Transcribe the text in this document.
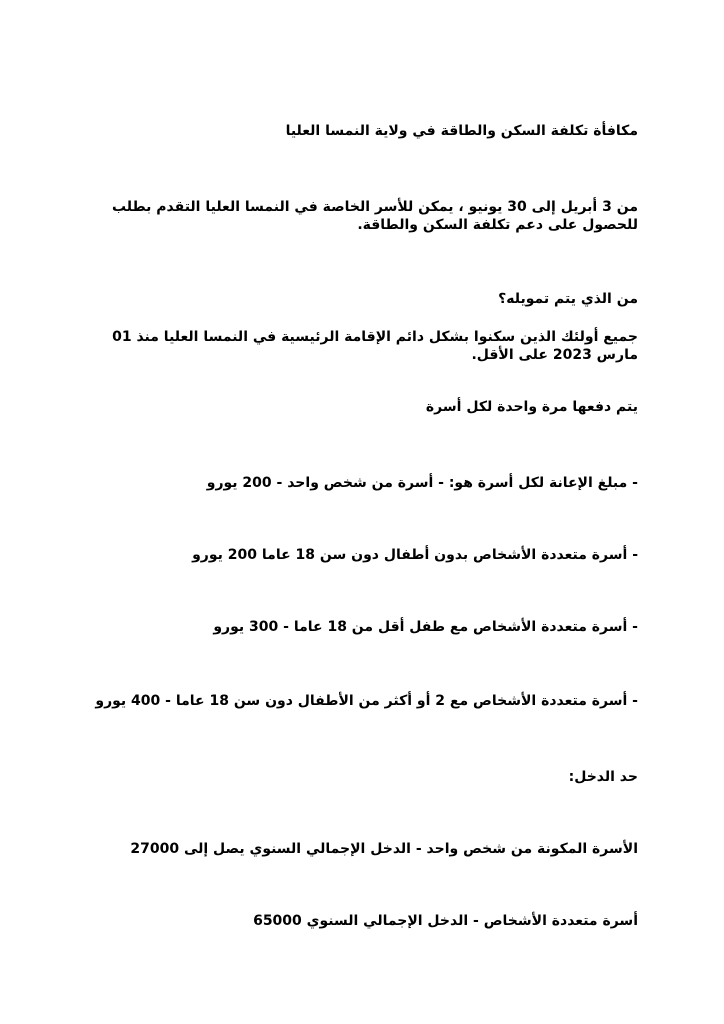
مكافأة تكلفة السكن والطاقة في ولاية النمسا العليا

من 3 أبريل إلى 30 يونيو ، يمكن للأسر الخاصة في النمسا العليا التقدم بطلب للحصول على دعم تكلفة السكن والطاقة.

من الذي يتم تمويله؟

جميع أولئك الذين سكنوا بشكل دائم الإقامة الرئيسية في النمسا العليا منذ 01 مارس 2023 على الأقل.

يتم دفعها مرة واحدة لكل أسرة

- مبلغ الإعانة لكل أسرة هو: - أسرة من شخص واحد - 200 يورو

- أسرة متعددة الأشخاص بدون أطفال دون سن 18 عاما 200 يورو

- أسرة متعددة الأشخاص مع طفل أقل من 18 عاما - 300 يورو

- أسرة متعددة الأشخاص مع 2 أو أكثر من الأطفال دون سن 18 عاما - 400 يورو

حد الدخل:

الأسرة المكونة من شخص واحد - الدخل الإجمالي السنوي يصل إلى 27000

أسرة متعددة الأشخاص - الدخل الإجمالي السنوي 65000
